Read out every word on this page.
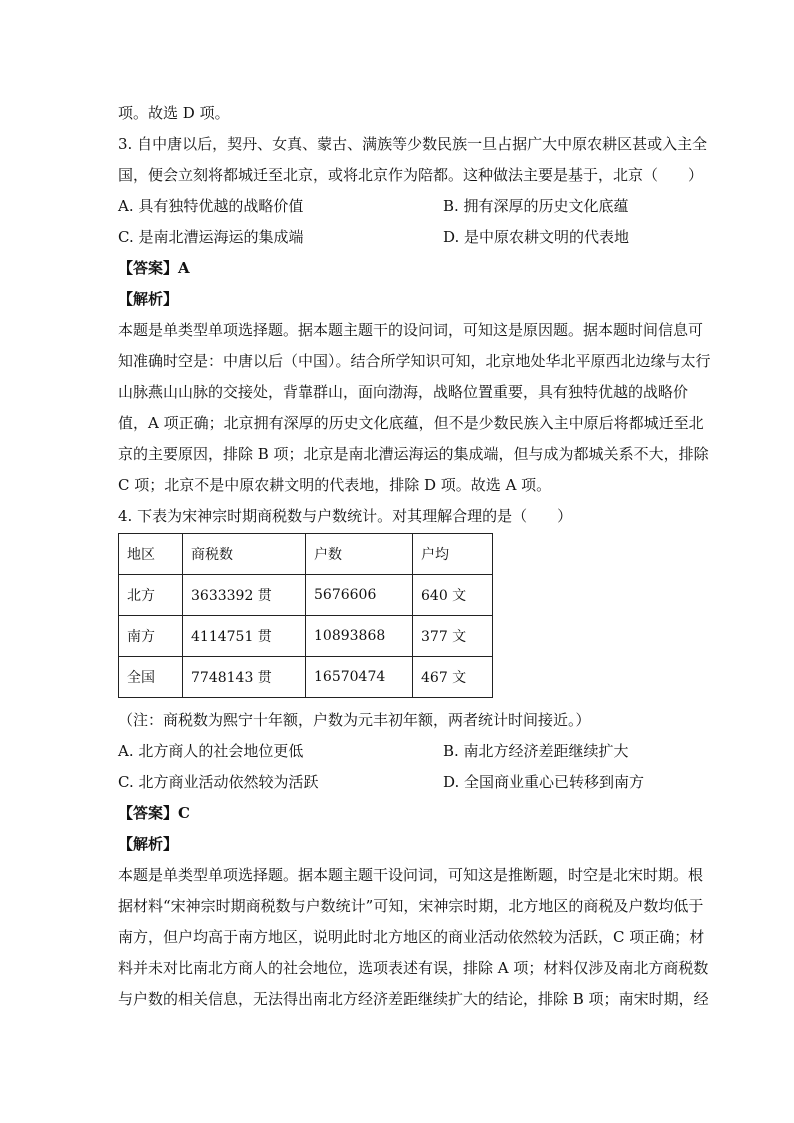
项。故选 D 项。
3. 自中唐以后，契丹、女真、蒙古、满族等少数民族一旦占据广大中原农耕区甚或入主全
国，便会立刻将都城迁至北京，或将北京作为陪都。这种做法主要是基于，北京（　　）
A. 具有独特优越的战略价值	B. 拥有深厚的历史文化底蕴
C. 是南北漕运海运的集成端	D. 是中原农耕文明的代表地
【答案】A
【解析】
本题是单类型单项选择题。据本题主题干的设问词，可知这是原因题。据本题时间信息可
知准确时空是：中唐以后（中国）。结合所学知识可知，北京地处华北平原西北边缘与太行
山脉燕山山脉的交接处，背靠群山，面向渤海，战略位置重要，具有独特优越的战略价
值，A 项正确；北京拥有深厚的历史文化底蕴，但不是少数民族入主中原后将都城迁至北
京的主要原因，排除 B 项；北京是南北漕运海运的集成端，但与成为都城关系不大，排除
C 项；北京不是中原农耕文明的代表地，排除 D 项。故选 A 项。
4. 下表为宋神宗时期商税数与户数统计。对其理解合理的是（　　）
地区	商税数	户数	户均
北方	3633392 贯	5676606	640 文
南方	4114751 贯	10893868	377 文
全国	7748143 贯	16570474	467 文
（注：商税数为熙宁十年额，户数为元丰初年额，两者统计时间接近。）
A. 北方商人的社会地位更低	B. 南北方经济差距继续扩大
C. 北方商业活动依然较为活跃	D. 全国商业重心已转移到南方
【答案】C
【解析】
本题是单类型单项选择题。据本题主题干设问词，可知这是推断题，时空是北宋时期。根
据材料“宋神宗时期商税数与户数统计”可知，宋神宗时期，北方地区的商税及户数均低于
南方，但户均高于南方地区，说明此时北方地区的商业活动依然较为活跃，C 项正确；材
料并未对比南北方商人的社会地位，选项表述有误，排除 A 项；材料仅涉及南北方商税数
与户数的相关信息，无法得出南北方经济差距继续扩大的结论，排除 B 项；南宋时期，经
